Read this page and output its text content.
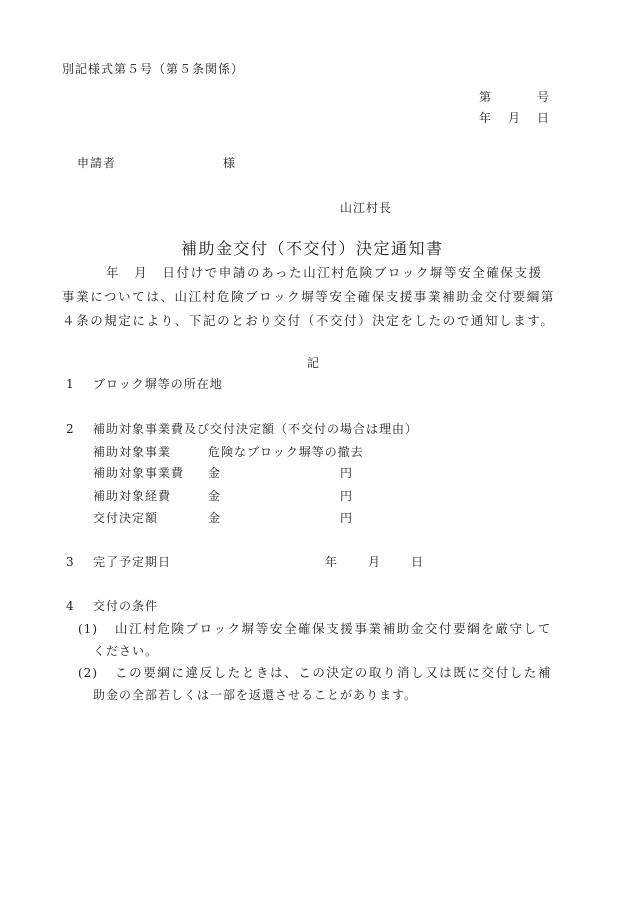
別記様式第５号（第５条関係）
第	号
年 月 日
申請者	様
山江村長
補助金交付（不交付）決定通知書
年　月　日付けで申請のあった山江村危険ブロック塀等安全確保支援
事業については、山江村危険ブロック塀等安全確保支援事業補助金交付要綱第
４条の規定により、下記のとおり交付（不交付）決定をしたので通知します。
記
1 ブロック塀等の所在地
2 補助対象事業費及び交付決定額（不交付の場合は理由）
補助対象事業	危険なブロック塀等の撤去
補助対象事業費 金	円
補助対象経費	金	円
交付決定額	金	円
3 完了予定期日	年 月 日
4 交付の条件
(1) 山江村危険ブロック塀等安全確保支援事業補助金交付要綱を厳守して
ください。
(2) この要綱に違反したときは、この決定の取り消し又は既に交付した補
助金の全部若しくは一部を返還させることがあります。
